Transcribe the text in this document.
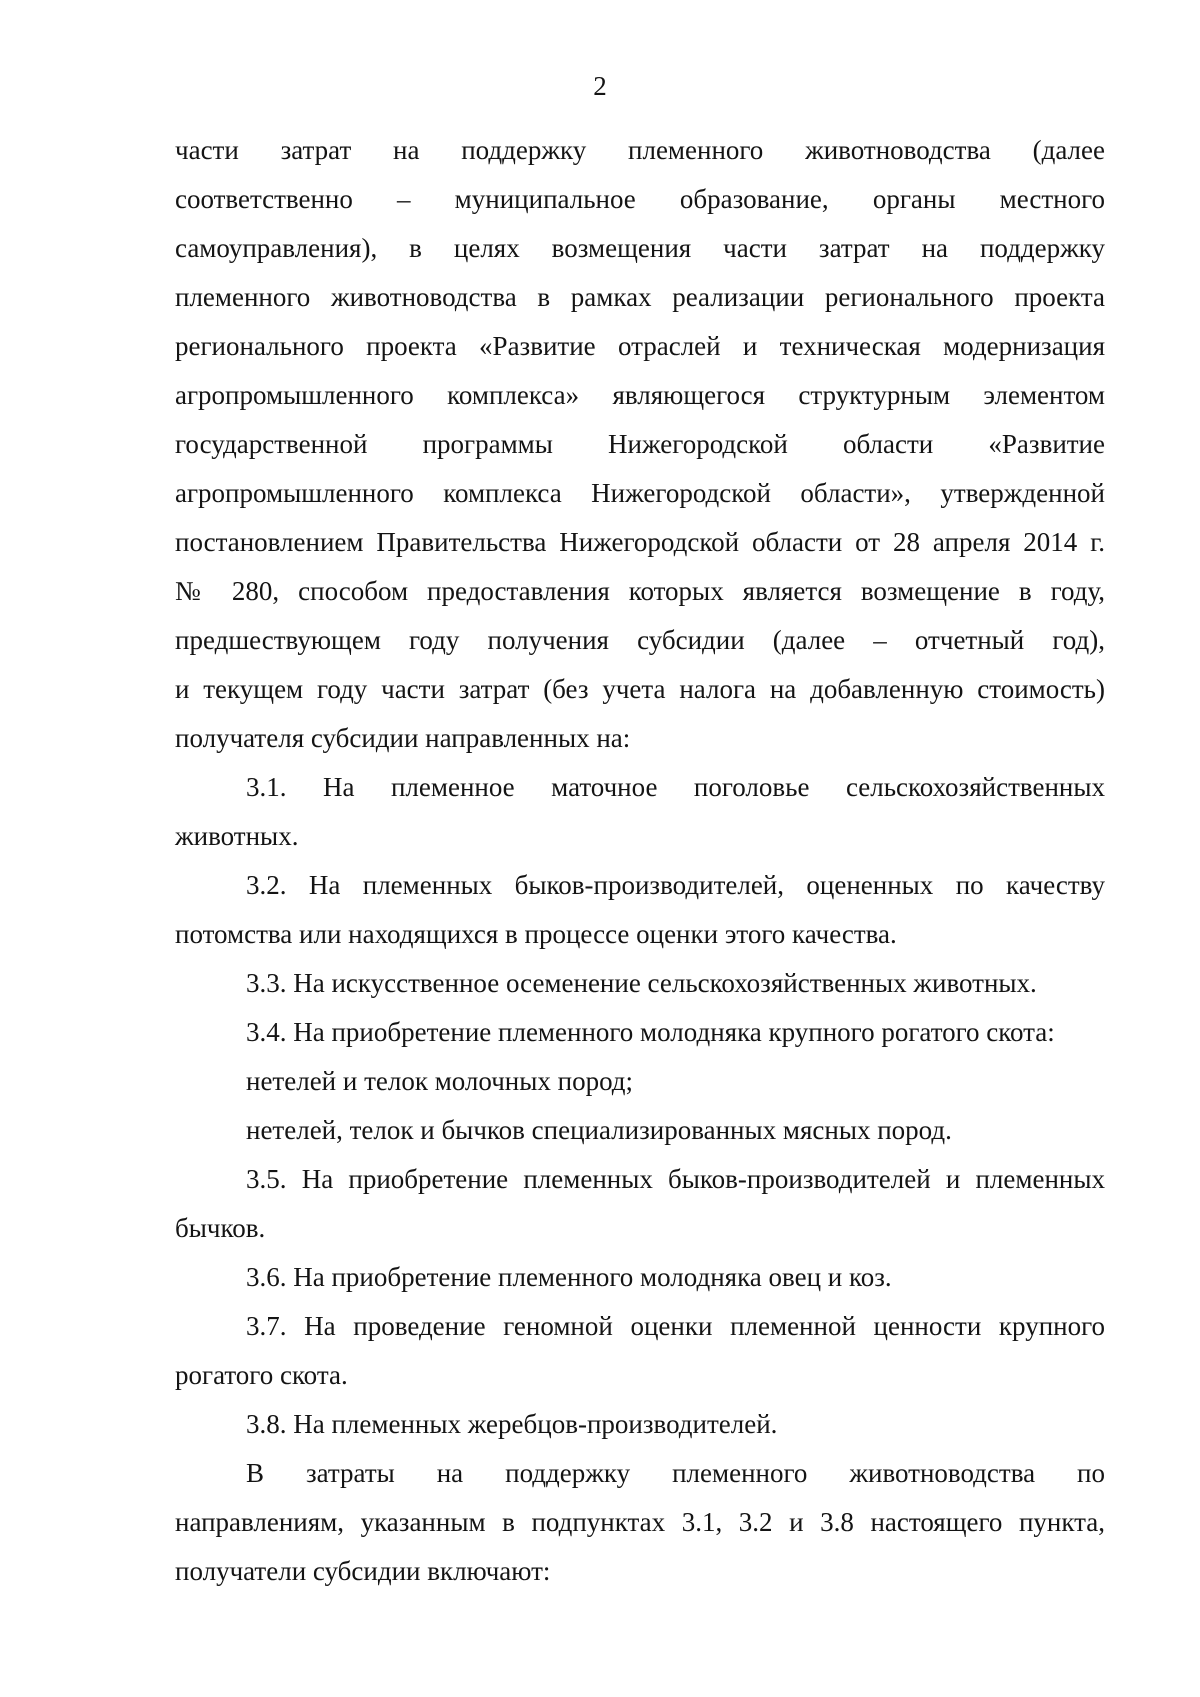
2
части затрат на поддержку племенного животноводства (далее
соответственно – муниципальное образование, органы местного
самоуправления), в целях возмещения части затрат на поддержку
племенного животноводства в рамках реализации регионального проекта
регионального проекта «Развитие отраслей и техническая модернизация
агропромышленного комплекса» являющегося структурным элементом
государственной программы Нижегородской области «Развитие
агропромышленного комплекса Нижегородской области», утвержденной
постановлением Правительства Нижегородской области от 28 апреля 2014 г.
№ 280, способом предоставления которых является возмещение в году,
предшествующем году получения субсидии (далее – отчетный год),
и текущем году части затрат (без учета налога на добавленную стоимость)
получателя субсидии направленных на:
3.1. На племенное маточное поголовье сельскохозяйственных
животных.
3.2. На племенных быков-производителей, оцененных по качеству
потомства или находящихся в процессе оценки этого качества.
3.3. На искусственное осеменение сельскохозяйственных животных.
3.4. На приобретение племенного молодняка крупного рогатого скота:
нетелей и телок молочных пород;
нетелей, телок и бычков специализированных мясных пород.
3.5. На приобретение племенных быков-производителей и племенных
бычков.
3.6. На приобретение племенного молодняка овец и коз.
3.7. На проведение геномной оценки племенной ценности крупного
рогатого скота.
3.8. На племенных жеребцов-производителей.
В затраты на поддержку племенного животноводства по
направлениям, указанным в подпунктах 3.1, 3.2 и 3.8 настоящего пункта,
получатели субсидии включают:
